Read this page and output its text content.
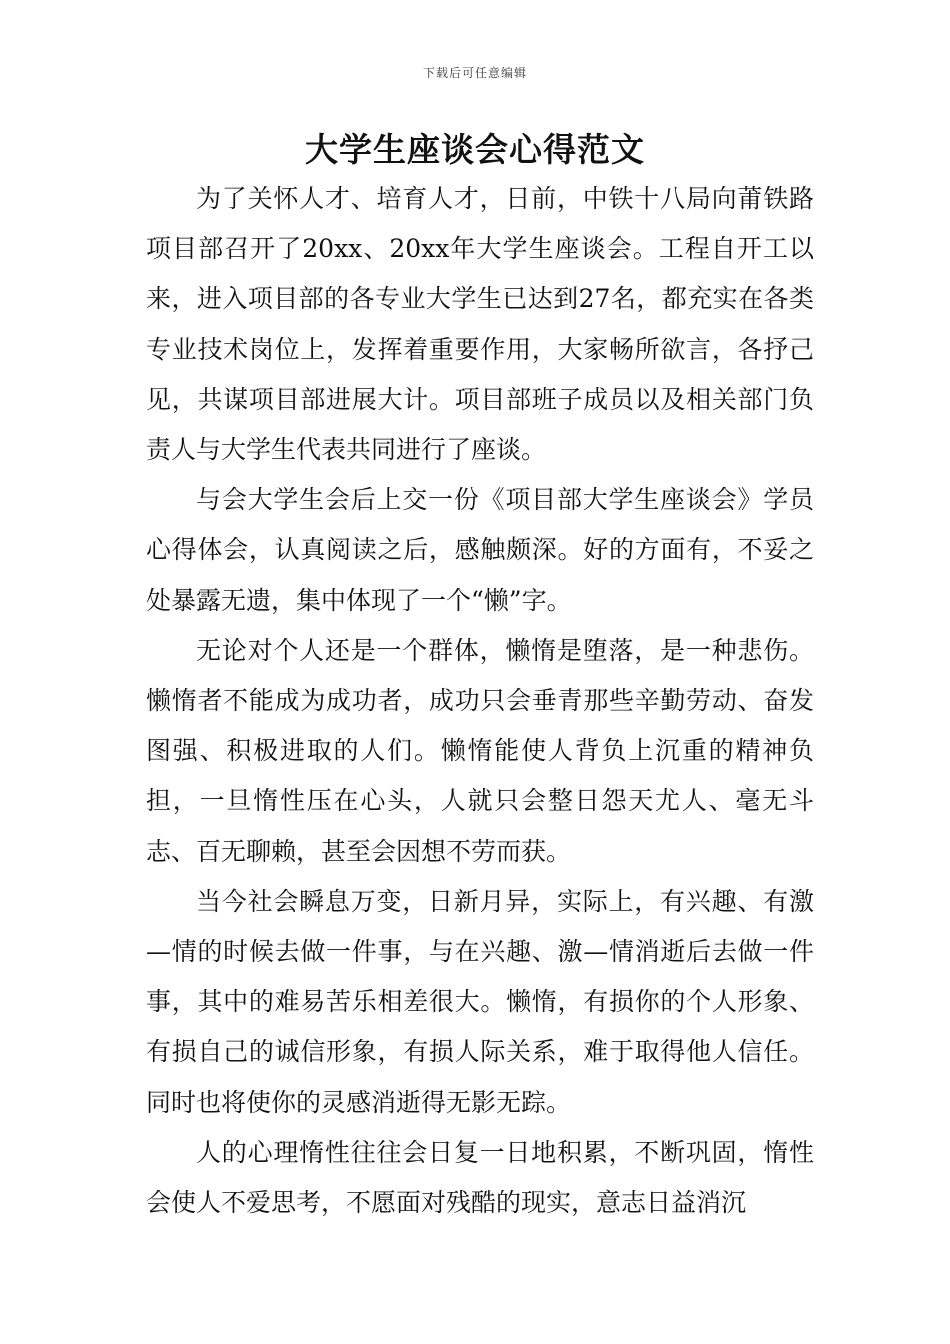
下载后可任意编辑
大学生座谈会心得范文

为了关怀人才、培育人才，日前，中铁十八局向莆铁路项目部召开了20xx、20xx年大学生座谈会。工程自开工以来，进入项目部的各专业大学生已达到27名，都充实在各类专业技术岗位上，发挥着重要作用，大家畅所欲言，各抒己见，共谋项目部进展大计。项目部班子成员以及相关部门负责人与大学生代表共同进行了座谈。

与会大学生会后上交一份《项目部大学生座谈会》学员心得体会，认真阅读之后，感触颇深。好的方面有，不妥之处暴露无遗，集中体现了一个“懒”字。

无论对个人还是一个群体，懒惰是堕落，是一种悲伤。懒惰者不能成为成功者，成功只会垂青那些辛勤劳动、奋发图强、积极进取的人们。懒惰能使人背负上沉重的精神负担，一旦惰性压在心头，人就只会整日怨天尤人、毫无斗志、百无聊赖，甚至会因想不劳而获。

当今社会瞬息万变，日新月异，实际上，有兴趣、有激—情的时候去做一件事，与在兴趣、激—情消逝后去做一件事，其中的难易苦乐相差很大。懒惰，有损你的个人形象、有损自己的诚信形象，有损人际关系，难于取得他人信任。同时也将使你的灵感消逝得无影无踪。

人的心理惰性往往会日复一日地积累，不断巩固，惰性会使人不爱思考，不愿面对残酷的现实，意志日益消沉
